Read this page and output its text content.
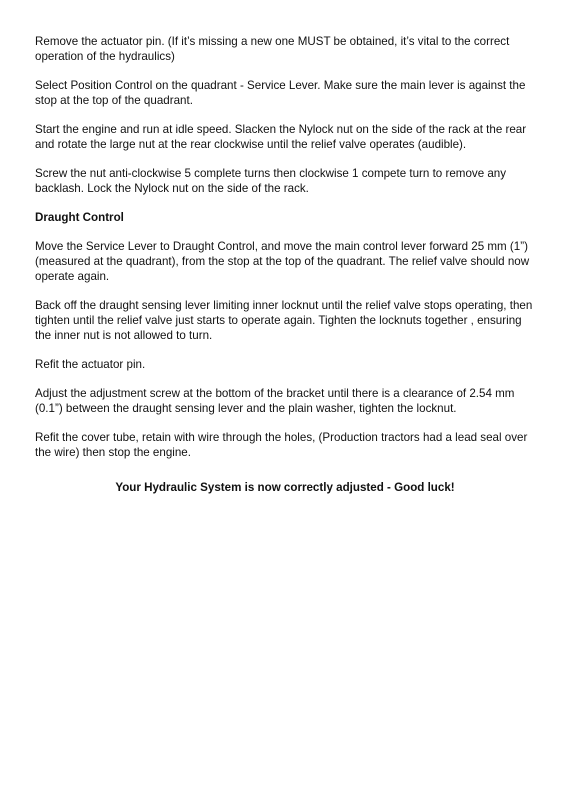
Remove the actuator pin. (If it’s missing a new one MUST be obtained, it’s vital to the correct operation of the hydraulics)

Select Position Control on the quadrant - Service Lever. Make sure the main lever is against the stop at the top of the quadrant.

Start the engine and run at idle speed. Slacken the Nylock nut on the side of the rack at the rear and rotate the large nut at the rear clockwise until the relief valve operates (audible).

Screw the nut anti-clockwise 5 complete turns then clockwise 1 compete turn to remove any backlash. Lock the Nylock nut on the side of the rack.

Draught Control

Move the Service Lever to Draught Control, and move the main control lever forward 25 mm (1”) (measured at the quadrant), from the stop at the top of the quadrant. The relief valve should now operate again.

Back off the draught sensing lever limiting inner locknut until the relief valve stops operating, then tighten until the relief valve just starts to operate again. Tighten the locknuts together , ensuring the inner nut is not allowed to turn.

Refit the actuator pin.

Adjust the adjustment screw at the bottom of the bracket until there is a clearance of 2.54 mm (0.1”) between the draught sensing lever and the plain washer, tighten the locknut.

Refit the cover tube, retain with wire through the holes, (Production tractors had a lead seal over the wire) then stop the engine.

Your Hydraulic System is now correctly adjusted - Good luck!
